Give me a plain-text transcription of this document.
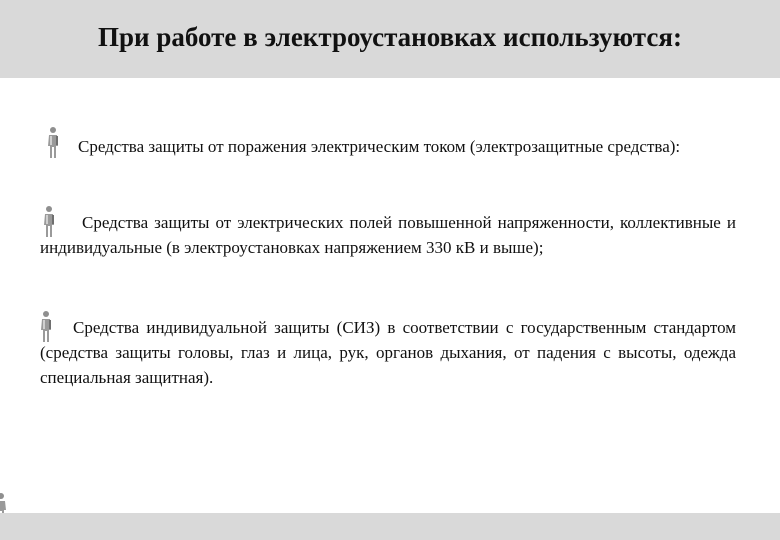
При работе в электроустановках используются:

Средства защиты от поражения электрическим током (электрозащитные средства):

Средства защиты от электрических полей повышенной напряженности, коллективные и индивидуальные (в электроустановках напряжением 330 кВ и выше);

Средства индивидуальной защиты (СИЗ) в соответствии с государственным стандартом (средства защиты головы, глаз и лица, рук, органов дыхания, от падения с высоты, одежда специальная защитная).
